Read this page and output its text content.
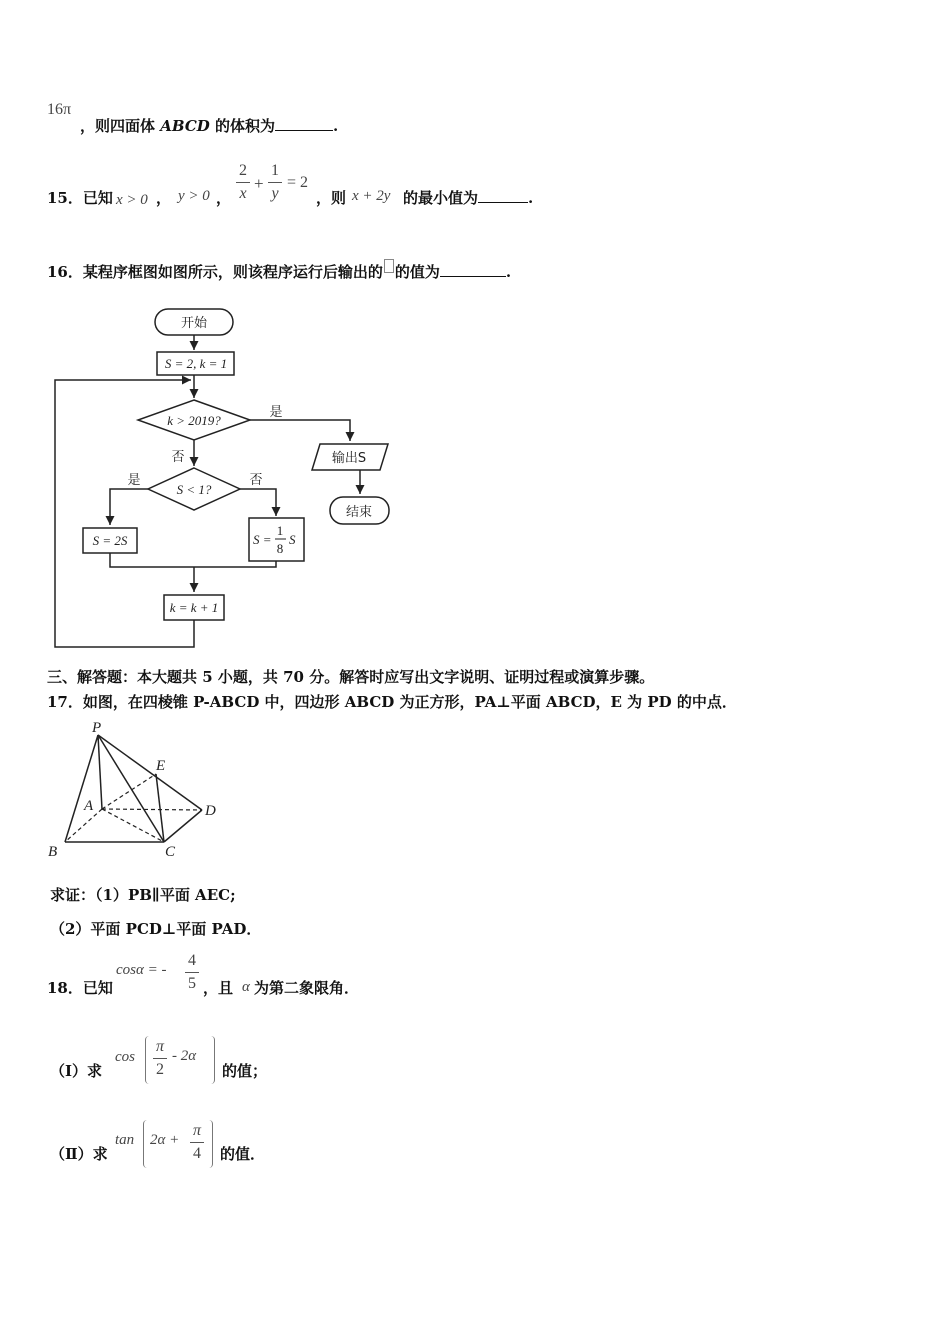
16π
，则四面体 ABCD 的体积为	.
15．已知 x > 0 ， y > 0 ，
2
x
+
1
y
= 2
，则 x + 2y 的最小值为	.
16．某程序框图如图所示，则该程序运行后输出的 的值为	.
开始
S = 2, k = 1
k > 2019?
是
否	输出S
结束
S < 1?
是	否
S = 2S	S =
1
8
S
k = k + 1
三、解答题：本大题共 5 小题，共 70 分。解答时应写出文字说明、证明过程或演算步骤。
17．如图，在四棱锥 P-ABCD 中，四边形 ABCD 为正方形，PA⊥平面 ABCD，E 为 PD 的中点．
P
E
A	D
B	C
求证：（1）PB∥平面 AEC;
（2）平面 PCD⊥平面 PAD．
18．已知
cosα = -
4
5 ，且 α 为第二象限角．
（Ⅰ）求
cos
π
2
- 2α
的值；
（Ⅱ）求
tan 2α +
π
4 的值．
